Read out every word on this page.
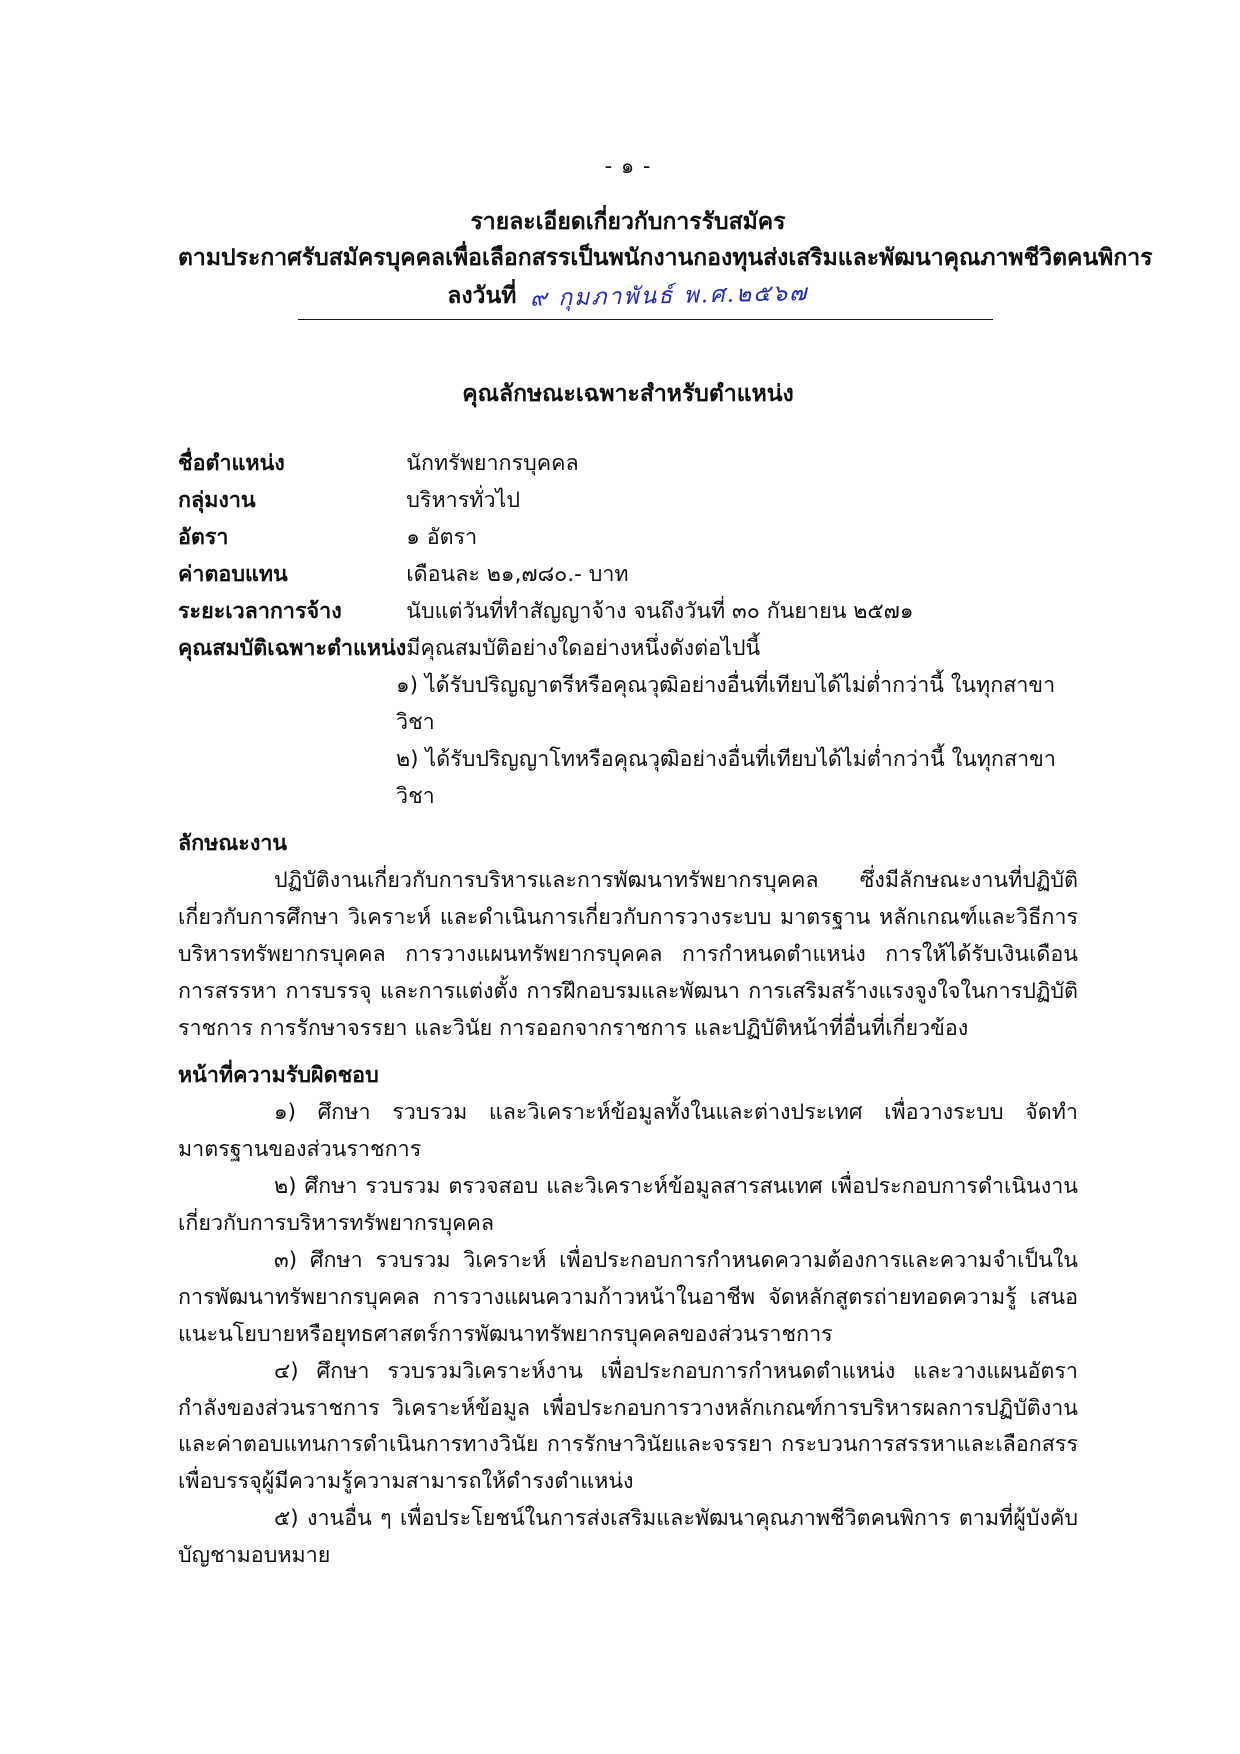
- ๑ -
รายละเอียดเกี่ยวกับการรับสมัคร
ตามประกาศรับสมัครบุคคลเพื่อเลือกสรรเป็นพนักงานกองทุนส่งเสริมและพัฒนาคุณภาพชีวิตคนพิการ
ลงวันที่ ๙ กุมภาพันธ์ พ.ศ.๒๕๖๗
คุณลักษณะเฉพาะสำหรับตำแหน่ง
ชื่อตำแหน่ง	นักทรัพยากรบุคคล
กลุ่มงาน	บริหารทั่วไป
อัตรา	๑ อัตรา
ค่าตอบแทน	เดือนละ ๒๑,๗๘๐.- บาท
ระยะเวลาการจ้าง	นับแต่วันที่ทำสัญญาจ้าง จนถึงวันที่ ๓๐ กันยายน ๒๕๗๑
คุณสมบัติเฉพาะตำแหน่ง	มีคุณสมบัติอย่างใดอย่างหนึ่งดังต่อไปนี้
๑) ได้รับปริญญาตรีหรือคุณวุฒิอย่างอื่นที่เทียบได้ไม่ต่ำกว่านี้ ในทุกสาขาวิชา
๒) ได้รับปริญญาโทหรือคุณวุฒิอย่างอื่นที่เทียบได้ไม่ต่ำกว่านี้ ในทุกสาขาวิชา
ลักษณะงาน

ปฏิบัติงานเกี่ยวกับการบริหารและการพัฒนาทรัพยากรบุคคล ซึ่งมีลักษณะงานที่ปฏิบัติเกี่ยวกับการศึกษา วิเคราะห์ และดำเนินการเกี่ยวกับการวางระบบ มาตรฐาน หลักเกณฑ์และวิธีการบริหารทรัพยากรบุคคล การวางแผนทรัพยากรบุคคล การกำหนดตำแหน่ง การให้ได้รับเงินเดือน การสรรหา การบรรจุ และการแต่งตั้ง การฝึกอบรมและพัฒนา การเสริมสร้างแรงจูงใจในการปฏิบัติราชการ การรักษาจรรยา และวินัย การออกจากราชการ และปฏิบัติหน้าที่อื่นที่เกี่ยวข้อง

หน้าที่ความรับผิดชอบ

๑) ศึกษา รวบรวม และวิเคราะห์ข้อมูลทั้งในและต่างประเทศ เพื่อวางระบบ จัดทำมาตรฐานของส่วนราชการ

๒) ศึกษา รวบรวม ตรวจสอบ และวิเคราะห์ข้อมูลสารสนเทศ เพื่อประกอบการดำเนินงานเกี่ยวกับการบริหารทรัพยากรบุคคล

๓) ศึกษา รวบรวม วิเคราะห์ เพื่อประกอบการกำหนดความต้องการและความจำเป็นในการพัฒนาทรัพยากรบุคคล การวางแผนความก้าวหน้าในอาชีพ จัดหลักสูตรถ่ายทอดความรู้ เสนอแนะนโยบายหรือยุทธศาสตร์การพัฒนาทรัพยากรบุคคลของส่วนราชการ

๔) ศึกษา รวบรวมวิเคราะห์งาน เพื่อประกอบการกำหนดตำแหน่ง และวางแผนอัตรากำลังของส่วนราชการ วิเคราะห์ข้อมูล เพื่อประกอบการวางหลักเกณฑ์การบริหารผลการปฏิบัติงานและค่าตอบแทนการดำเนินการทางวินัย การรักษาวินัยและจรรยา กระบวนการสรรหาและเลือกสรรเพื่อบรรจุผู้มีความรู้ความสามารถให้ดำรงตำแหน่ง

๕) งานอื่น ๆ เพื่อประโยชน์ในการส่งเสริมและพัฒนาคุณภาพชีวิตคนพิการ ตามที่ผู้บังคับบัญชามอบหมาย
